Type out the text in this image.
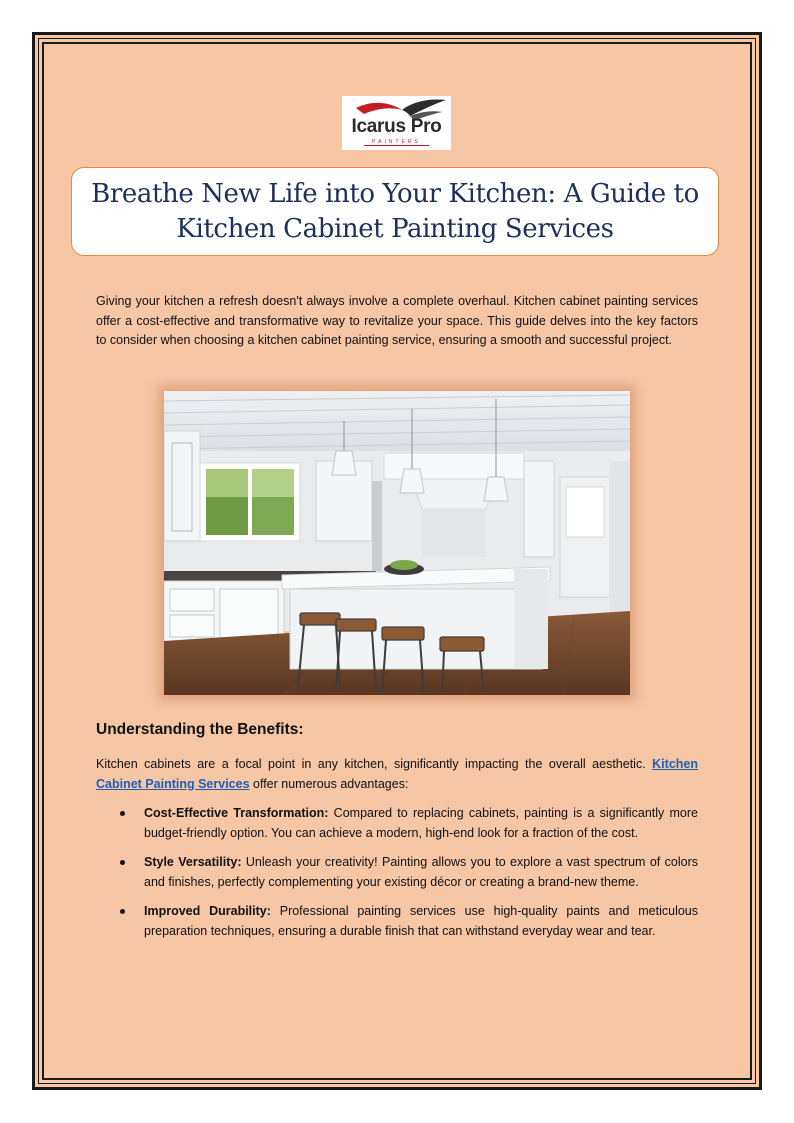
Icarus Pro
PAINTERS
Breathe New Life into Your Kitchen: A Guide to
Kitchen Cabinet Painting Services

Giving your kitchen a refresh doesn't always involve a complete overhaul. Kitchen cabinet painting services offer a cost-effective and transformative way to revitalize your space. This guide delves into the key factors to consider when choosing a kitchen cabinet painting service, ensuring a smooth and successful project.

Understanding the Benefits:

Kitchen cabinets are a focal point in any kitchen, significantly impacting the overall aesthetic. Kitchen Cabinet Painting Services offer numerous advantages:

Cost-Effective Transformation: Compared to replacing cabinets, painting is a significantly more budget-friendly option. You can achieve a modern, high-end look for a fraction of the cost.
Style Versatility: Unleash your creativity! Painting allows you to explore a vast spectrum of colors and finishes, perfectly complementing your existing décor or creating a brand-new theme.
Improved Durability: Professional painting services use high-quality paints and meticulous preparation techniques, ensuring a durable finish that can withstand everyday wear and tear.
